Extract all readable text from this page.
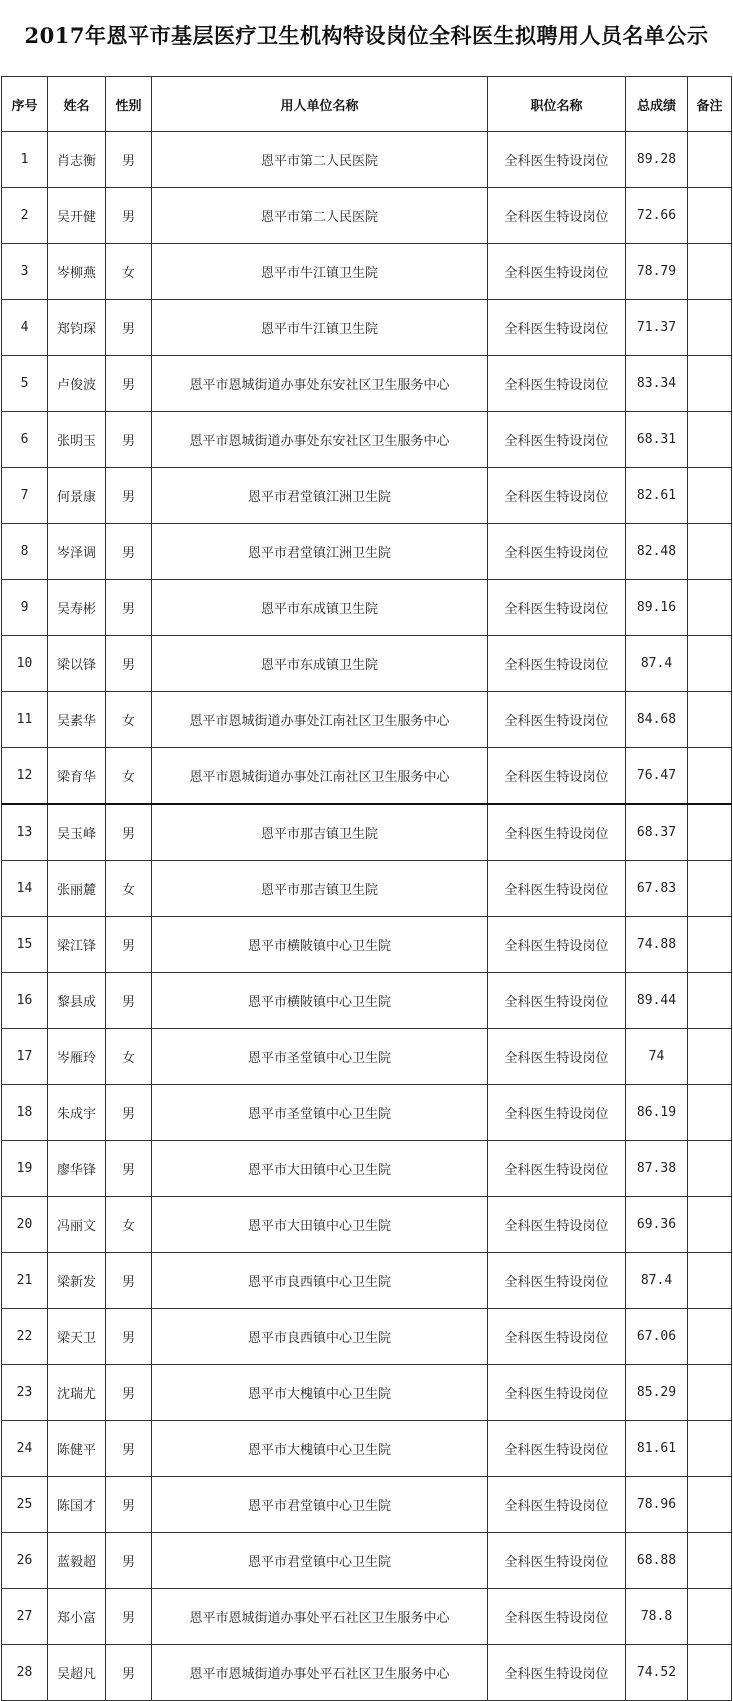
2017年恩平市基层医疗卫生机构特设岗位全科医生拟聘用人员名单公示
序号	姓名	性别	用人单位名称	职位名称	总成绩	备注
1	肖志衡	男	恩平市第二人民医院	全科医生特设岗位	89.28	
2	吴开健	男	恩平市第二人民医院	全科医生特设岗位	72.66	
3	岑柳燕	女	恩平市牛江镇卫生院	全科医生特设岗位	78.79	
4	郑钧琛	男	恩平市牛江镇卫生院	全科医生特设岗位	71.37	
5	卢俊波	男	恩平市恩城街道办事处东安社区卫生服务中心	全科医生特设岗位	83.34	
6	张明玉	男	恩平市恩城街道办事处东安社区卫生服务中心	全科医生特设岗位	68.31	
7	何景康	男	恩平市君堂镇江洲卫生院	全科医生特设岗位	82.61	
8	岑泽调	男	恩平市君堂镇江洲卫生院	全科医生特设岗位	82.48	
9	吴寿彬	男	恩平市东成镇卫生院	全科医生特设岗位	89.16	
10	梁以锋	男	恩平市东成镇卫生院	全科医生特设岗位	87.4	
11	吴素华	女	恩平市恩城街道办事处江南社区卫生服务中心	全科医生特设岗位	84.68	
12	梁育华	女	恩平市恩城街道办事处江南社区卫生服务中心	全科医生特设岗位	76.47	
13	吴玉峰	男	恩平市那吉镇卫生院	全科医生特设岗位	68.37	
14	张丽麓	女	恩平市那吉镇卫生院	全科医生特设岗位	67.83	
15	梁江锋	男	恩平市横陂镇中心卫生院	全科医生特设岗位	74.88	
16	黎县成	男	恩平市横陂镇中心卫生院	全科医生特设岗位	89.44	
17	岑雁玲	女	恩平市圣堂镇中心卫生院	全科医生特设岗位	74	
18	朱成宇	男	恩平市圣堂镇中心卫生院	全科医生特设岗位	86.19	
19	廖华锋	男	恩平市大田镇中心卫生院	全科医生特设岗位	87.38	
20	冯丽文	女	恩平市大田镇中心卫生院	全科医生特设岗位	69.36	
21	梁新发	男	恩平市良西镇中心卫生院	全科医生特设岗位	87.4	
22	梁天卫	男	恩平市良西镇中心卫生院	全科医生特设岗位	67.06	
23	沈瑞尤	男	恩平市大槐镇中心卫生院	全科医生特设岗位	85.29	
24	陈健平	男	恩平市大槐镇中心卫生院	全科医生特设岗位	81.61	
25	陈国才	男	恩平市君堂镇中心卫生院	全科医生特设岗位	78.96	
26	蓝毅超	男	恩平市君堂镇中心卫生院	全科医生特设岗位	68.88	
27	郑小富	男	恩平市恩城街道办事处平石社区卫生服务中心	全科医生特设岗位	78.8	
28	吴超凡	男	恩平市恩城街道办事处平石社区卫生服务中心	全科医生特设岗位	74.52	
